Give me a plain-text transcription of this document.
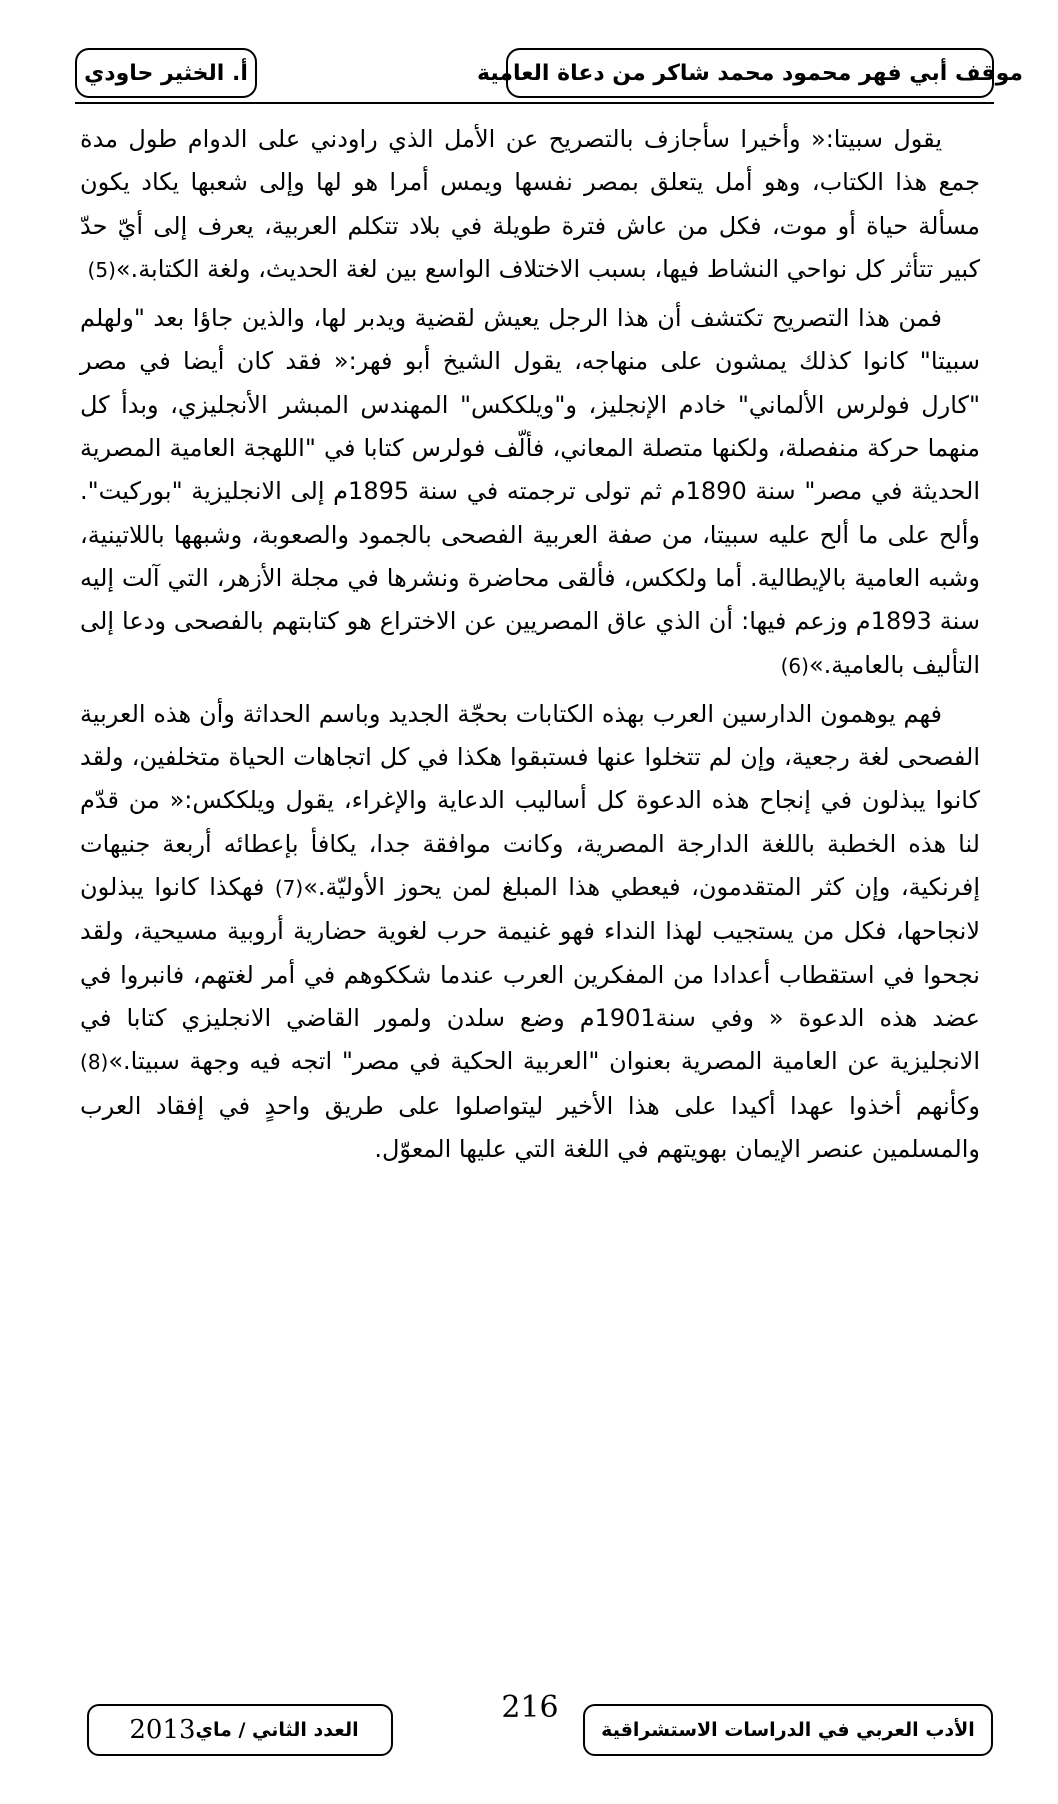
موقف أبي فهر محمود محمد شاكر من دعاة العامية
أ. الخثير حاودي

يقول سبيتا:« وأخيرا سأجازف بالتصريح عن الأمل الذي راودني على الدوام طول مدة جمع هذا الكتاب، وهو أمل يتعلق بمصر نفسها ويمس أمرا هو لها وإلى شعبها يكاد يكون مسألة حياة أو موت، فكل من عاش فترة طويلة في بلاد تتكلم العربية، يعرف إلى أيّ حدّ كبير تتأثر كل نواحي النشاط فيها، بسبب الاختلاف الواسع بين لغة الحديث، ولغة الكتابة.»(5)

فمن هذا التصريح تكتشف أن هذا الرجل يعيش لقضية ويدبر لها، والذين جاؤا بعد "ولهلم سبيتا" كانوا كذلك يمشون على منهاجه، يقول الشيخ أبو فهر:« فقد كان أيضا في مصر "كارل فولرس الألماني" خادم الإنجليز، و"ويلككس" المهندس المبشر الأنجليزي، وبدأ كل منهما حركة منفصلة، ولكنها متصلة المعاني، فألّف فولرس كتابا في "اللهجة العامية المصرية الحديثة في مصر" سنة 1890م ثم تولى ترجمته في سنة 1895م إلى الانجليزية "بوركيت". وألح على ما ألح عليه سبيتا، من صفة العربية الفصحى بالجمود والصعوبة، وشبهها باللاتينية، وشبه العامية بالإيطالية. أما ولككس، فألقى محاضرة ونشرها في مجلة الأزهر، التي آلت إليه سنة 1893م وزعم فيها: أن الذي عاق المصريين عن الاختراع هو كتابتهم بالفصحى ودعا إلى التأليف بالعامية.»(6)

فهم يوهمون الدارسين العرب بهذه الكتابات بحجّة الجديد وباسم الحداثة وأن هذه العربية الفصحى لغة رجعية، وإن لم تتخلوا عنها فستبقوا هكذا في كل اتجاهات الحياة متخلفين، ولقد كانوا يبذلون في إنجاح هذه الدعوة كل أساليب الدعاية والإغراء، يقول ويلككس:« من قدّم لنا هذه الخطبة باللغة الدارجة المصرية، وكانت موافقة جدا، يكافأ بإعطائه أربعة جنيهات إفرنكية، وإن كثر المتقدمون، فيعطي هذا المبلغ لمن يحوز الأوليّة.»(7) فهكذا كانوا يبذلون لانجاحها، فكل من يستجيب لهذا النداء فهو غنيمة حرب لغوية حضارية أروبية مسيحية، ولقد نجحوا في استقطاب أعدادا من المفكرين العرب عندما شككوهم في أمر لغتهم، فانبروا في عضد هذه الدعوة « وفي سنة1901م وضع سلدن ولمور القاضي الانجليزي كتابا في الانجليزية عن العامية المصرية بعنوان "العربية الحكية في مصر" اتجه فيه وجهة سبيتا.»(8) وكأنهم أخذوا عهدا أكيدا على هذا الأخير ليتواصلوا على طريق واحدٍ في إفقاد العرب والمسلمين عنصر الإيمان بهويتهم في اللغة التي عليها المعوّل.

الأدب العربي في الدراسات الاستشراقية
216
العدد الثاني / ماي
2013
